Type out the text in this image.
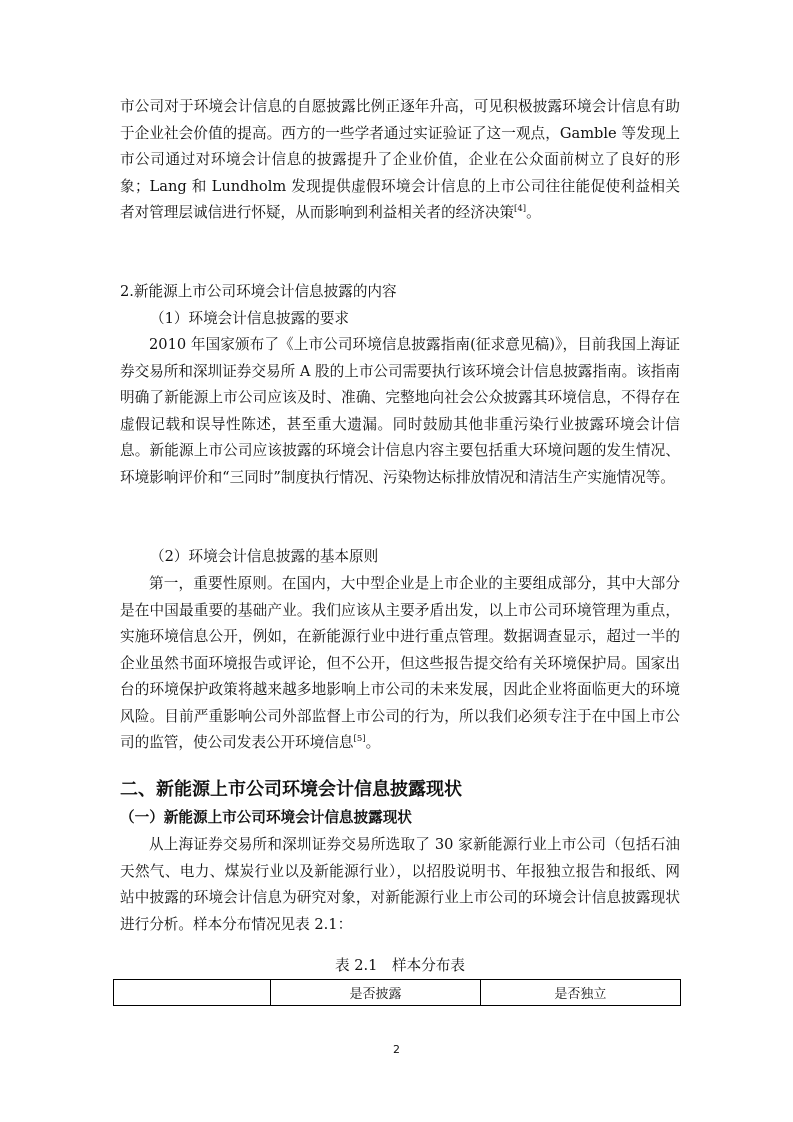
市公司对于环境会计信息的自愿披露比例正逐年升高，可见积极披露环境会计信息有助于企业社会价值的提高。西方的一些学者通过实证验证了这一观点，Gamble 等发现上市公司通过对环境会计信息的披露提升了企业价值，企业在公众面前树立了良好的形象；Lang 和 Lundholm 发现提供虚假环境会计信息的上市公司往往能促使利益相关者对管理层诚信进行怀疑，从而影响到利益相关者的经济决策[4]。

2.新能源上市公司环境会计信息披露的内容

（1）环境会计信息披露的要求

2010 年国家颁布了《上市公司环境信息披露指南(征求意见稿)》，目前我国上海证券交易所和深圳证券交易所 A 股的上市公司需要执行该环境会计信息披露指南。该指南明确了新能源上市公司应该及时、准确、完整地向社会公众披露其环境信息，不得存在虚假记载和误导性陈述，甚至重大遗漏。同时鼓励其他非重污染行业披露环境会计信息。新能源上市公司应该披露的环境会计信息内容主要包括重大环境问题的发生情况、环境影响评价和“三同时”制度执行情况、污染物达标排放情况和清洁生产实施情况等。

（2）环境会计信息披露的基本原则

第一，重要性原则。在国内，大中型企业是上市企业的主要组成部分，其中大部分是在中国最重要的基础产业。我们应该从主要矛盾出发，以上市公司环境管理为重点，实施环境信息公开，例如，在新能源行业中进行重点管理。数据调查显示，超过一半的企业虽然书面环境报告或评论，但不公开，但这些报告提交给有关环境保护局。国家出台的环境保护政策将越来越多地影响上市公司的未来发展，因此企业将面临更大的环境风险。目前严重影响公司外部监督上市公司的行为，所以我们必须专注于在中国上市公司的监管，使公司发表公开环境信息[5]。

二、新能源上市公司环境会计信息披露现状
（一）新能源上市公司环境会计信息披露现状

从上海证券交易所和深圳证券交易所选取了 30 家新能源行业上市公司（包括石油天然气、电力、煤炭行业以及新能源行业），以招股说明书、年报独立报告和报纸、网站中披露的环境会计信息为研究对象，对新能源行业上市公司的环境会计信息披露现状进行分析。样本分布情况见表 2.1：

表 2.1　样本分布表

	是否披露	是否独立
2
